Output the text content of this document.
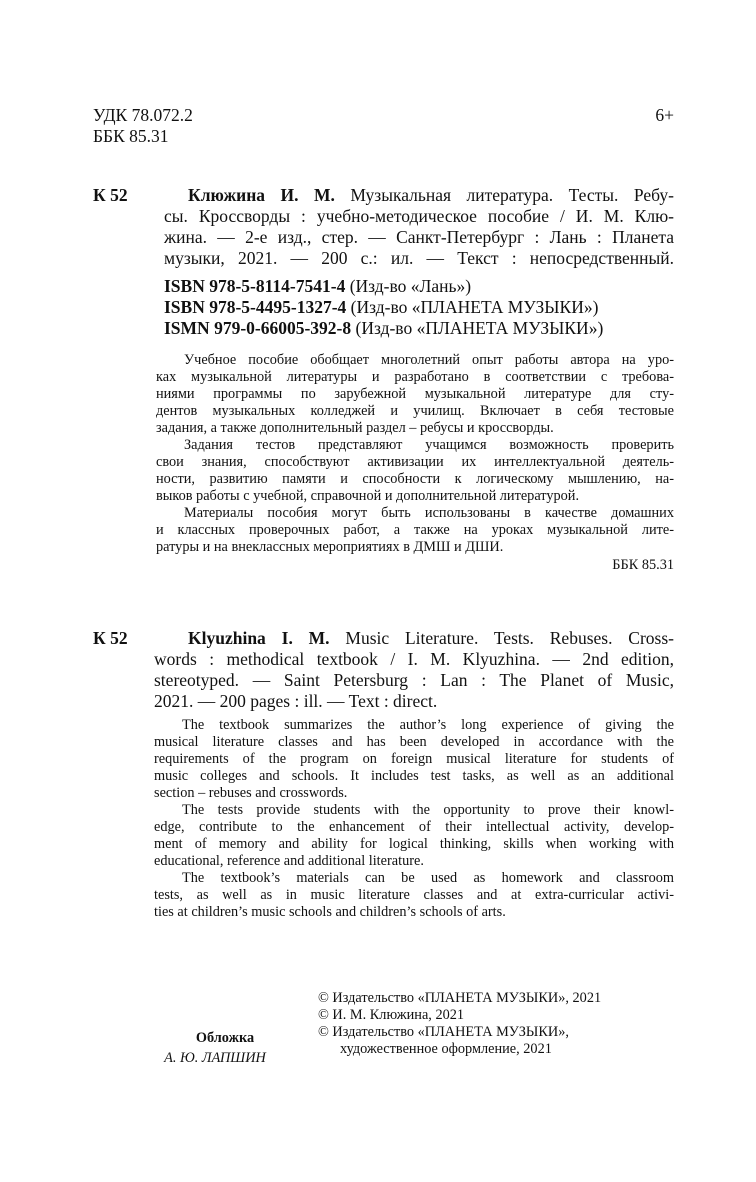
УДК 78.072.2
ББК 85.31
6+
К 52	Клюжина И. М. Музыкальная литература. Тесты. Ребу-
сы. Кроссворды : учебно-методическое пособие / И. М. Клю-
жина. — 2-е изд., стер. — Санкт-Петербург : Лань : Планета
музыки, 2021. — 200 с.: ил. — Текст : непосредственный.
ISBN 978-5-8114-7541-4 (Изд-во «Лань»)
ISBN 978-5-4495-1327-4 (Изд-во «ПЛАНЕТА МУЗЫКИ»)
ISMN 979-0-66005-392-8 (Изд-во «ПЛАНЕТА МУЗЫКИ»)
Учебное пособие обобщает многолетний опыт работы автора на уро-
ках музыкальной литературы и разработано в соответствии с требова-
ниями программы по зарубежной музыкальной литературе для сту-
дентов музыкальных колледжей и училищ. Включает в себя тестовые
задания, а также дополнительный раздел – ребусы и кроссворды.
Задания тестов представляют учащимся возможность проверить
свои знания, способствуют активизации их интеллектуальной деятель-
ности, развитию памяти и способности к логическому мышлению, на-
выков работы с учебной, справочной и дополнительной литературой.
Материалы пособия могут быть использованы в качестве домашних
и классных проверочных работ, а также на уроках музыкальной лите-
ратуры и на внеклассных мероприятиях в ДМШ и ДШИ.
ББК 85.31
К 52	Klyuzhina I. M. Music Literature. Tests. Rebuses. Cross-
words : methodical textbook / I. M. Klyuzhina. — 2nd edition,
stereotyped. — Saint Petersburg : Lan : The Planet of Music,
2021. — 200 pages : ill. — Text : direct.
The textbook summarizes the author’s long experience of giving the
musical literature classes and has been developed in accordance with the
requirements of the program on foreign musical literature for students of
music colleges and schools. It includes test tasks, as well as an additional
section – rebuses and crosswords.
The tests provide students with the opportunity to prove their knowl-
edge, contribute to the enhancement of their intellectual activity, develop-
ment of memory and ability for logical thinking, skills when working with
educational, reference and additional literature.
The textbook’s materials can be used as homework and classroom
tests, as well as in music literature classes and at extra-curricular activi-
ties at children’s music schools and children’s schools of arts.
© Издательство «ПЛАНЕТА МУЗЫКИ», 2021
© И. М. Клюжина, 2021
© Издательство «ПЛАНЕТА МУЗЫКИ»,
художественное оформление, 2021
Обложка
А. Ю. ЛАПШИН
